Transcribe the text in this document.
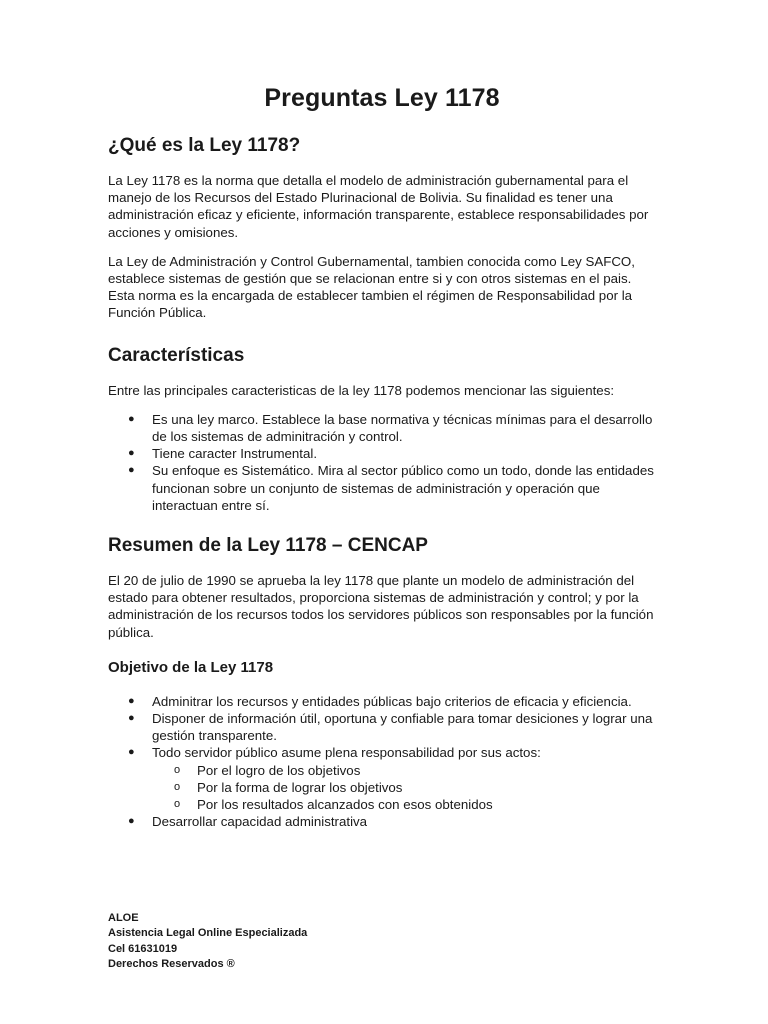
Preguntas Ley 1178
¿Qué es la Ley 1178?

La Ley 1178 es la norma que detalla el modelo de administración gubernamental para el manejo de los Recursos del Estado Plurinacional de Bolivia. Su finalidad es tener una administración eficaz y eficiente, información transparente, establece responsabilidades por acciones y omisiones.

La Ley de Administración y Control Gubernamental, tambien conocida como Ley SAFCO, establece sistemas de gestión que se relacionan entre si y con otros sistemas en el pais. Esta norma es la encargada de establecer tambien el régimen de Responsabilidad por la Función Pública.

Características

Entre las principales caracteristicas de la ley 1178 podemos mencionar las siguientes:

● Es una ley marco. Establece la base normativa y técnicas mínimas para el desarrollo de los sistemas de adminitración y control.
● Tiene caracter Instrumental.
● Su enfoque es Sistemático. Mira al sector público como un todo, donde las entidades funcionan sobre un conjunto de sistemas de administración y operación que interactuan entre sí.
Resumen de la Ley 1178 – CENCAP

El 20 de julio de 1990 se aprueba la ley 1178 que plante un modelo de administración del estado para obtener resultados, proporciona sistemas de administración y control; y por la administración de los recursos todos los servidores públicos son responsables por la función pública.

Objetivo de la Ley 1178
● Adminitrar los recursos y entidades públicas bajo criterios de eficacia y eficiencia.
● Disponer de información útil, oportuna y confiable para tomar desiciones y lograr una gestión transparente.
● Todo servidor público asume plena responsabilidad por sus actos:
o Por el logro de los objetivos
o Por la forma de lograr los objetivos
o Por los resultados alcanzados con esos obtenidos
● Desarrollar capacidad administrativa
ALOE
Asistencia Legal Online Especializada
Cel 61631019
Derechos Reservados ®
